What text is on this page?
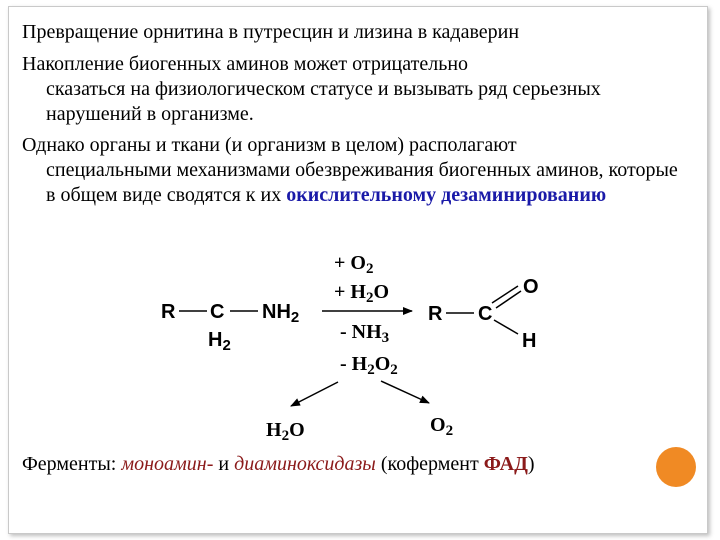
Превращение орнитина в путресцин и лизина в кадаверин

Накопление биогенных аминов может отрицательно
сказаться на физиологическом статусе и вызывать ряд серьезных нарушений в организме.

Однако органы и ткани (и организм в целом) располагают
специальными механизмами обезвреживания биогенных аминов, которые в общем виде сводятся к их окислительному дезаминированию

R C $NH_2$
$H_2$
+ $O_2$
+ $H_2O$
- $NH_3$
- $H_2O_2$
R C
O
H
$H_2O$	$O_2$

Ферменты: моноамин- и диаминоксидазы (кофермент ФАД)
